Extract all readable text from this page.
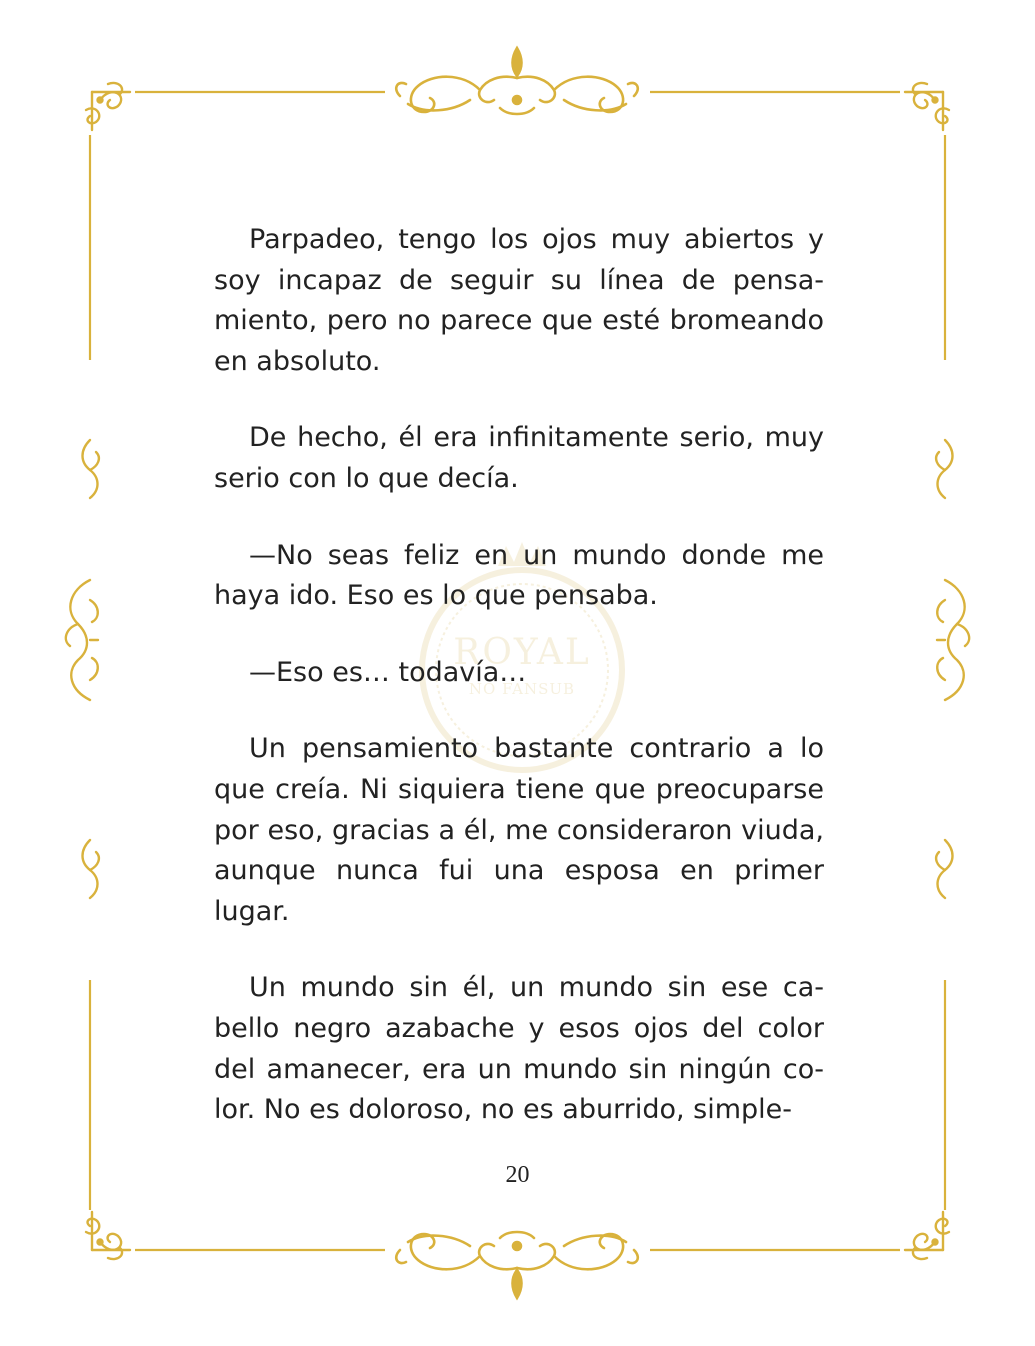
ROYAL
NO FANSUB

Parpadeo, tengo los ojos muy abiertos y soy incapaz de seguir su línea de pensamiento, pero no parece que esté bromeando en absoluto.

De hecho, él era infinitamente serio, muy serio con lo que decía.

—No seas feliz en un mundo donde me haya ido. Eso es lo que pensaba.

—Eso es… todavía…

Un pensamiento bastante contrario a lo que creía. Ni siquiera tiene que preocuparse por eso, gracias a él, me consideraron viuda, aunque nunca fui una esposa en primer lugar.

Un mundo sin él, un mundo sin ese cabello negro azabache y esos ojos del color del amanecer, era un mundo sin ningún color. No es doloroso, no es aburrido, simple-

20
